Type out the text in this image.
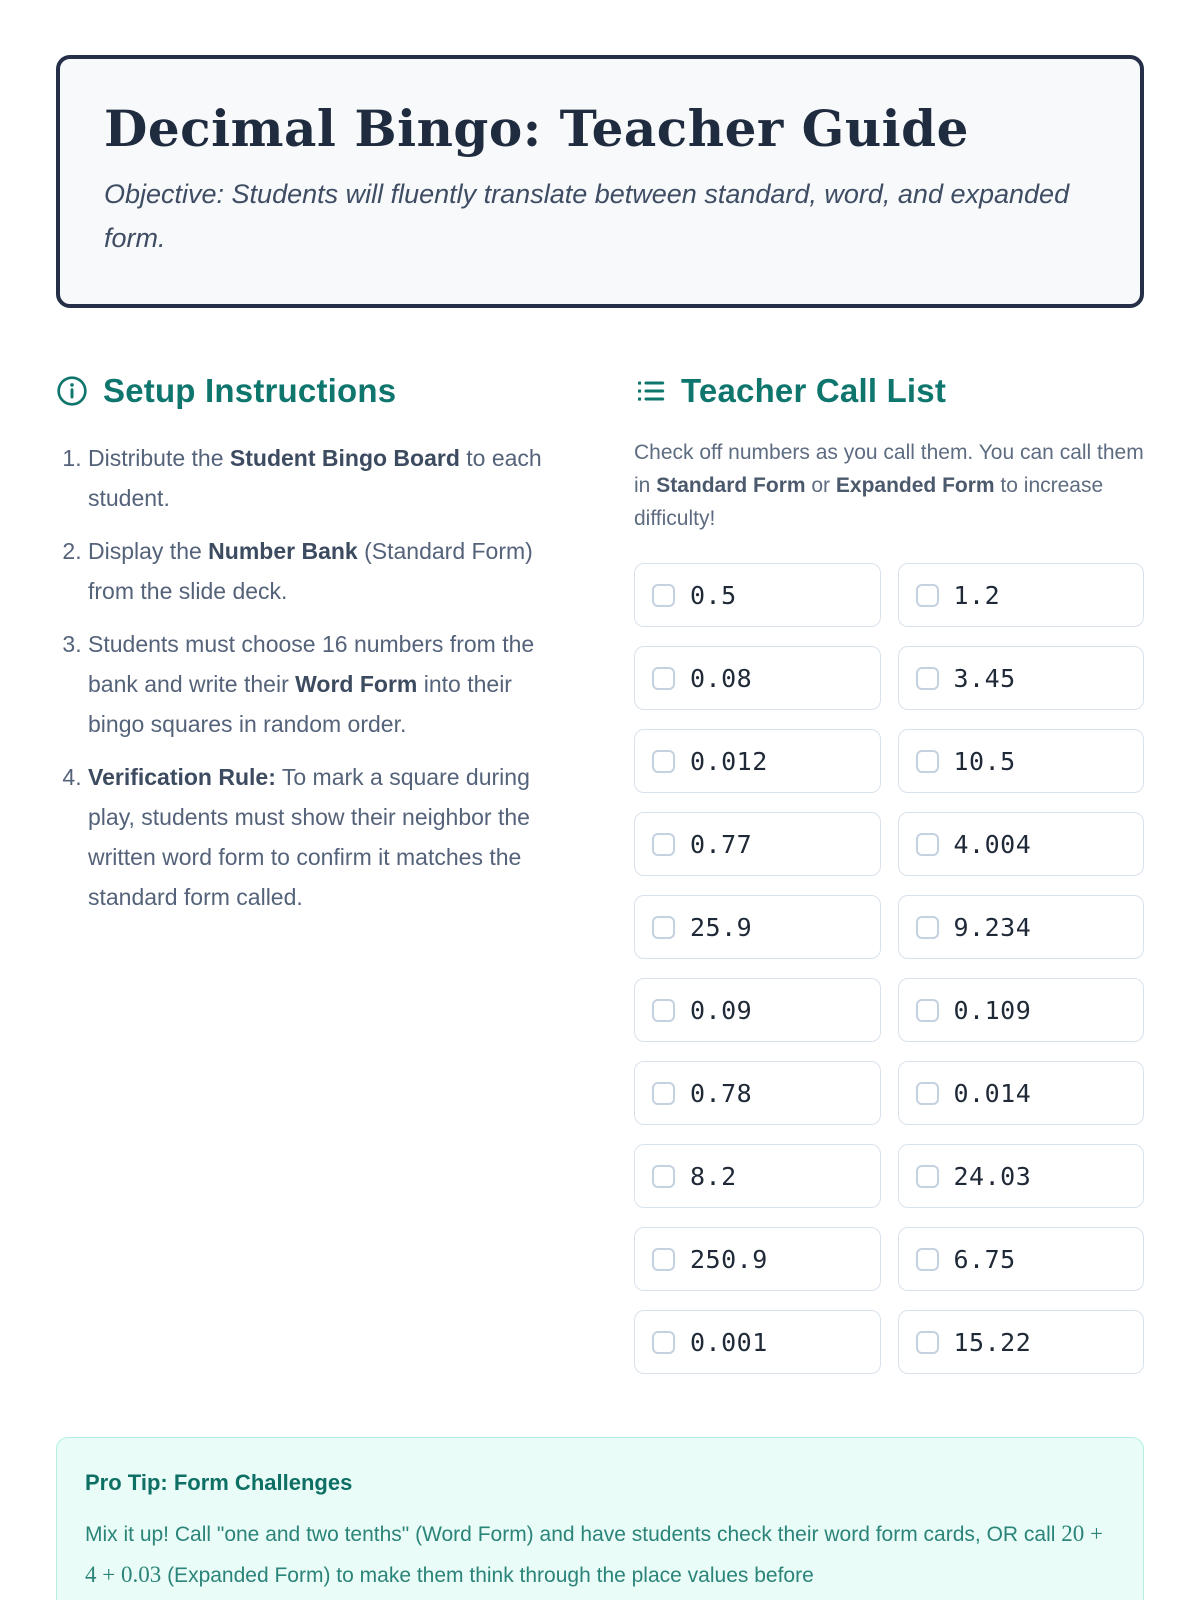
Decimal Bingo: Teacher Guide

Objective: Students will fluently translate between standard, word, and expanded form.

Setup Instructions
1. Distribute the Student Bingo Board to each student.
2. Display the Number Bank (Standard Form) from the slide deck.
3. Students must choose 16 numbers from the bank and write their Word Form into their bingo squares in random order.
4. Verification Rule: To mark a square during play, students must show their neighbor the written word form to confirm it matches the standard form called.
Teacher Call List

Check off numbers as you call them. You can call them in Standard Form or Expanded Form to increase difficulty!

0.5	1.2
0.08	3.45
0.012	10.5
0.77	4.004
25.9	9.234
0.09	0.109
0.78	0.014
8.2	24.03
250.9	6.75
0.001	15.22
Pro Tip: Form Challenges
Mix it up! Call "one and two tenths" (Word Form) and have students check their word form cards, OR call 20 + 4 + 0.03 (Expanded Form) to make them think through the place values before
